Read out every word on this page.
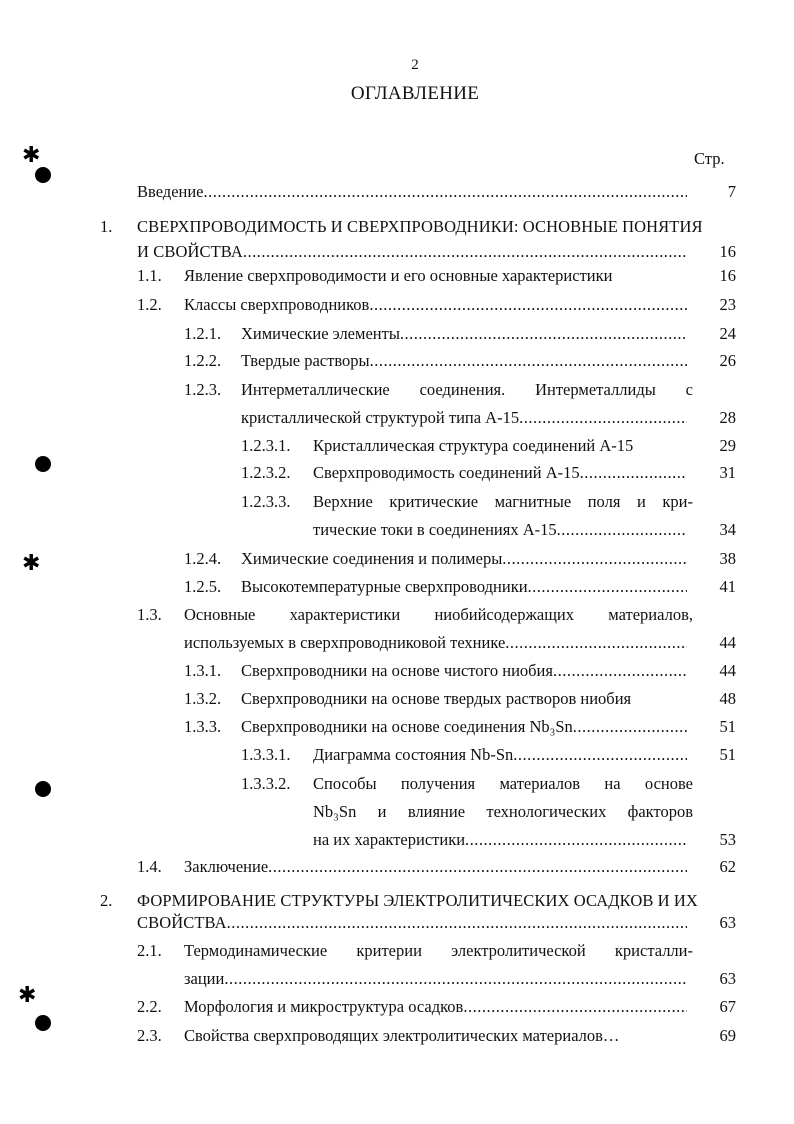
2
ОГЛАВЛЕНИЕ
Стр.
✱
✱
✱
Введение .....	7
1. СВЕРХПРОВОДИМОСТЬ И СВЕРХПРОВОДНИКИ: ОСНОВНЫЕ ПОНЯТИЯ
И СВОЙСТВА .....	16
1.1. Явление сверхпроводимости и его основные характеристики	16
1.2. Классы сверхпроводников .....	23
1.2.1. Химические элементы .....	24
1.2.2. Твердые растворы .....	26
1.2.3. Интерметаллические соединения. Интерметаллиды с
кристаллической структурой типа А-15 .....	28
1.2.3.1. Кристаллическая структура соединений А-15	29
1.2.3.2. Сверхпроводимость соединений А-15 .....	31
1.2.3.3. Верхние критические магнитные поля и кри-
тические токи в соединениях А-15 .....	34
1.2.4. Химические соединения и полимеры .....	38
1.2.5. Высокотемпературные сверхпроводники .....	41
1.3. Основные характеристики ниобийсодержащих материалов,
используемых в сверхпроводниковой технике .....	44
1.3.1. Сверхпроводники на основе чистого ниобия .....	44
1.3.2. Сверхпроводники на основе твердых растворов ниобия	48
1.3.3. Сверхпроводники на основе соединения Nb₃Sn .....	51
1.3.3.1. Диаграмма состояния Nb-Sn .....	51
1.3.3.2. Способы получения материалов на основе
Nb₃Sn и влияние технологических факторов
на их характеристики .....	53
1.4. Заключение .....	62
2. ФОРМИРОВАНИЕ СТРУКТУРЫ ЭЛЕКТРОЛИТИЧЕСКИХ ОСАДКОВ И ИХ
СВОЙСТВА .....	63
2.1. Термодинамические критерии электролитической кристалли-
зации .....	63
2.2. Морфология и микроструктура осадков .....	67
2.3. Свойства сверхпроводящих электролитических материалов…	69
